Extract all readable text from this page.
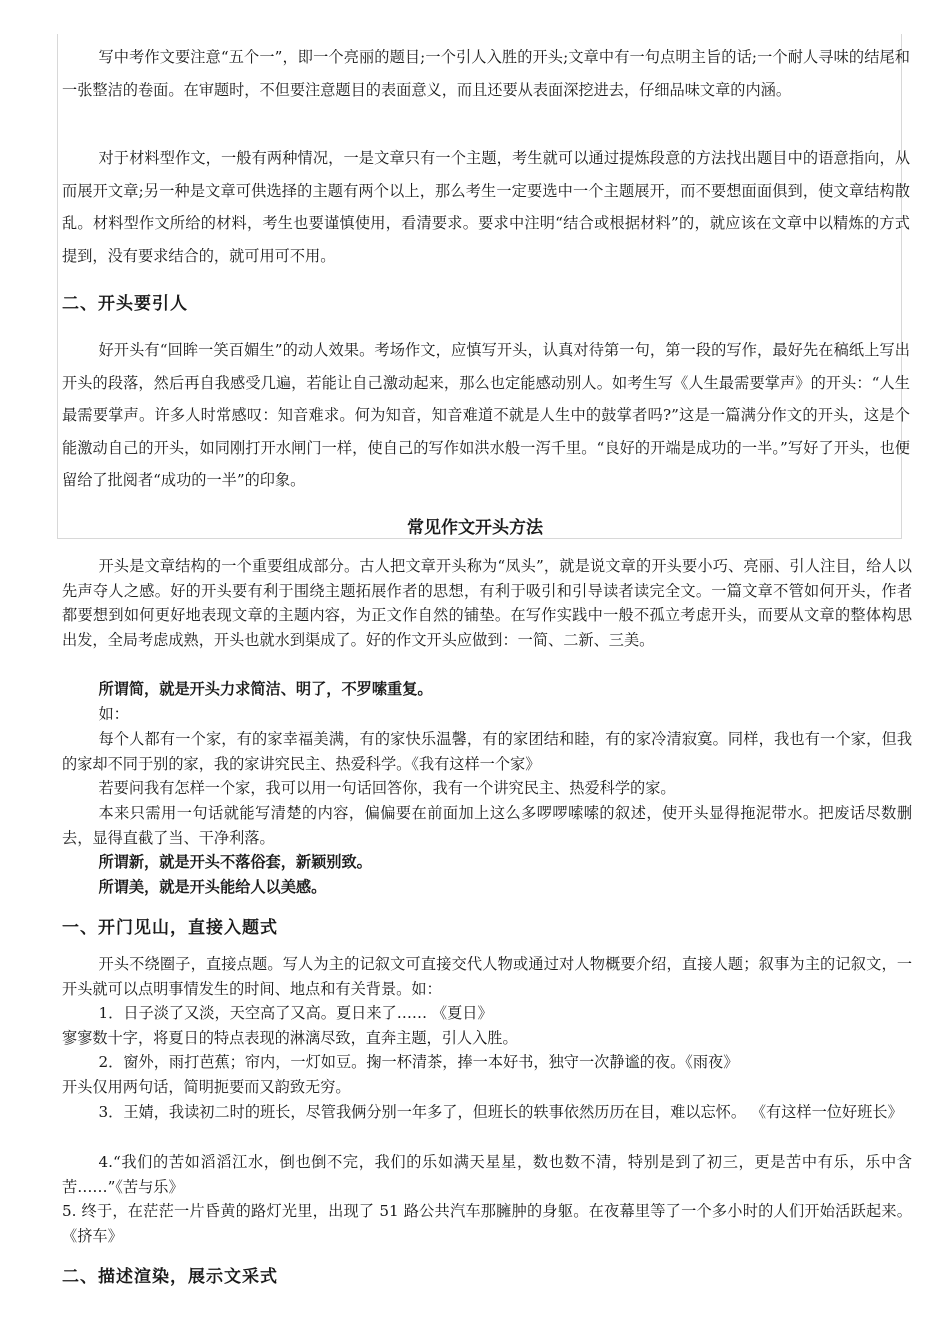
写中考作文要注意“五个一”，即一个亮丽的题目;一个引人入胜的开头;文章中有一句点明主旨的话;一个耐人寻味的结尾和一张整洁的卷面。在审题时，不但要注意题目的表面意义，而且还要从表面深挖进去，仔细品味文章的内涵。

对于材料型作文，一般有两种情况，一是文章只有一个主题，考生就可以通过提炼段意的方法找出题目中的语意指向，从而展开文章;另一种是文章可供选择的主题有两个以上，那么考生一定要选中一个主题展开，而不要想面面俱到，使文章结构散乱。材料型作文所给的材料，考生也要谨慎使用，看清要求。要求中注明“结合或根据材料”的，就应该在文章中以精炼的方式提到，没有要求结合的，就可用可不用。

二、开头要引人

好开头有“回眸一笑百媚生”的动人效果。考场作文，应慎写开头，认真对待第一句，第一段的写作，最好先在稿纸上写出开头的段落，然后再自我感受几遍，若能让自己激动起来，那么也定能感动别人。如考生写《人生最需要掌声》的开头：“人生最需要掌声。许多人时常感叹：知音难求。何为知音，知音难道不就是人生中的鼓掌者吗?”这是一篇满分作文的开头，这是个能激动自己的开头，如同刚打开水闸门一样，使自己的写作如洪水般一泻千里。“良好的开端是成功的一半。”写好了开头，也便留给了批阅者“成功的一半”的印象。

常见作文开头方法

开头是文章结构的一个重要组成部分。古人把文章开头称为“凤头”，就是说文章的开头要小巧、亮丽、引人注目，给人以先声夺人之感。好的开头要有利于围绕主题拓展作者的思想，有利于吸引和引导读者读完全文。一篇文章不管如何开头，作者都要想到如何更好地表现文章的主题内容，为正文作自然的铺垫。在写作实践中一般不孤立考虑开头，而要从文章的整体构思出发，全局考虑成熟，开头也就水到渠成了。好的作文开头应做到：一简、二新、三美。

所谓简，就是开头力求简洁、明了，不罗嗦重复。

如：

每个人都有一个家，有的家幸福美满，有的家快乐温馨，有的家团结和睦，有的家冷清寂寞。同样，我也有一个家，但我的家却不同于别的家，我的家讲究民主、热爱科学。《我有这样一个家》

若要问我有怎样一个家，我可以用一句话回答你，我有一个讲究民主、热爱科学的家。

本来只需用一句话就能写清楚的内容，偏偏要在前面加上这么多啰啰嗦嗦的叙述，使开头显得拖泥带水。把废话尽数删去，显得直截了当、干净利落。

所谓新，就是开头不落俗套，新颖别致。

所谓美，就是开头能给人以美感。

一、开门见山，直接入题式

开头不绕圈子，直接点题。写人为主的记叙文可直接交代人物或通过对人物概要介绍，直接人题；叙事为主的记叙文，一开头就可以点明事情发生的时间、地点和有关背景。如：

1．日子淡了又淡，天空高了又高。夏日来了…… 《夏日》

寥寥数十字，将夏日的特点表现的淋漓尽致，直奔主题，引人入胜。

2．窗外，雨打芭蕉；帘内，一灯如豆。掬一杯清茶，捧一本好书，独守一次静谧的夜。《雨夜》

开头仅用两句话，简明扼要而又韵致无穷。

3．王婧，我读初二时的班长，尽管我俩分别一年多了，但班长的轶事依然历历在目，难以忘怀。 《有这样一位好班长》

4.“我们的苦如滔滔江水，倒也倒不完，我们的乐如满天星星，数也数不清，特别是到了初三，更是苦中有乐，乐中含苦……”《苦与乐》

5. 终于，在茫茫一片昏黄的路灯光里，出现了 51 路公共汽车那臃肿的身躯。在夜幕里等了一个多小时的人们开始活跃起来。《挤车》

二、描述渲染，展示文采式
